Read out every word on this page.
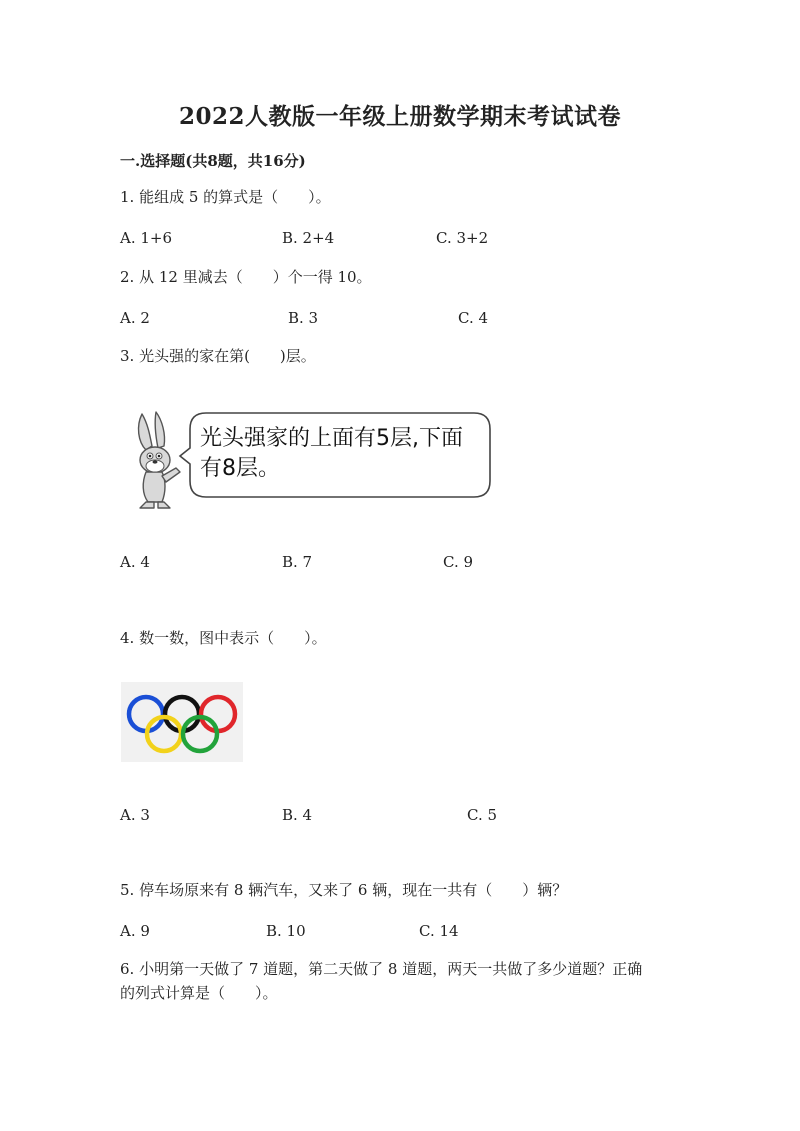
2022人教版一年级上册数学期末考试试卷
一.选择题(共8题，共16分)
1. 能组成 5 的算式是（　　）。
A. 1+6	B. 2+4	C. 3+2
2. 从 12 里减去（　　）个一得 10。
A. 2	B. 3	C. 4
3. 光头强的家在第(　　)层。
光头强家的上面有5层,下面有8层。
A. 4	B. 7	C. 9
4. 数一数，图中表示（　　）。
A. 3	B. 4	C. 5
5. 停车场原来有 8 辆汽车，又来了 6 辆，现在一共有（　　）辆？
A. 9	B. 10	C. 14
6. 小明第一天做了 7 道题，第二天做了 8 道题，两天一共做了多少道题？正确
的列式计算是（　　）。
